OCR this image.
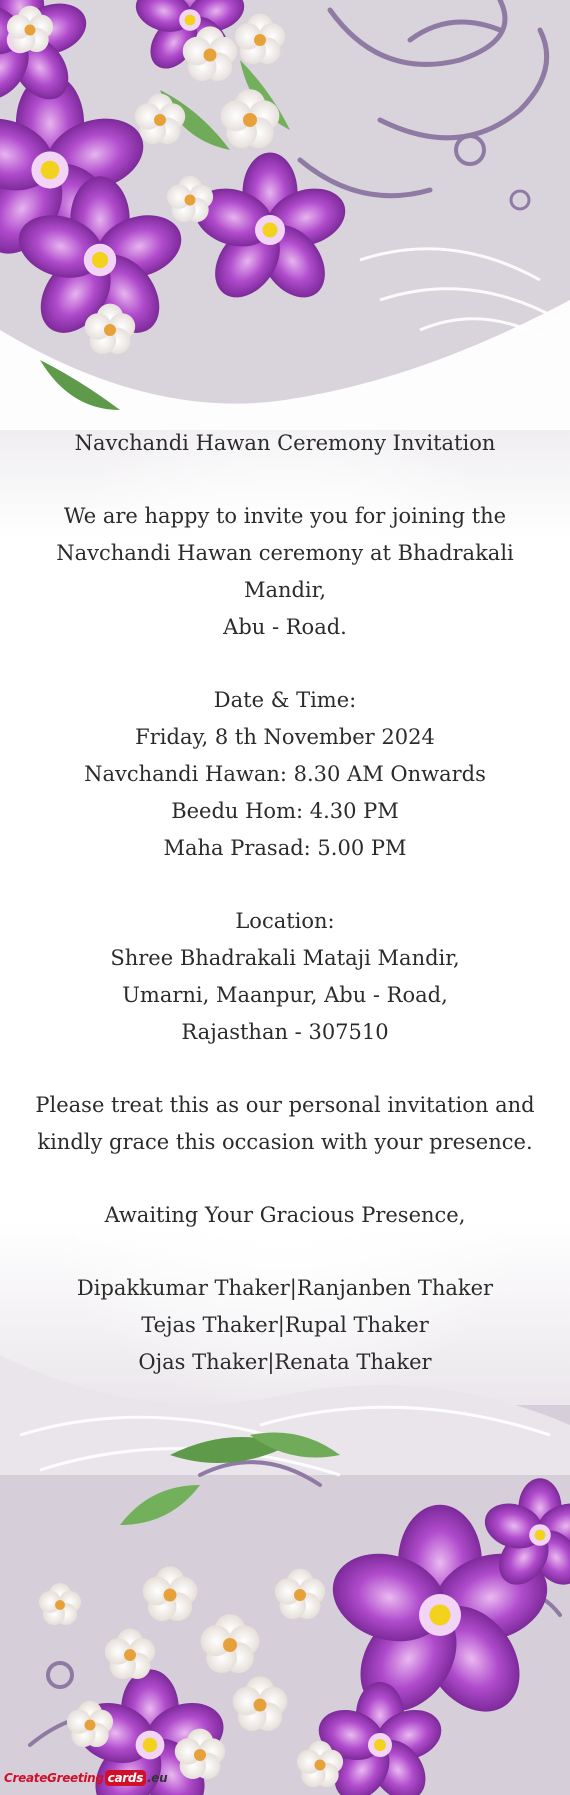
Navchandi Hawan Ceremony Invitation

We are happy to invite you for joining the

Navchandi Hawan ceremony at Bhadrakali Mandir,

Abu - Road.

Date & Time:

Friday, 8 th November 2024

Navchandi Hawan: 8.30 AM Onwards

Beedu Hom: 4.30 PM

Maha Prasad: 5.00 PM

Location:

Shree Bhadrakali Mataji Mandir,

Umarni, Maanpur, Abu - Road,

Rajasthan - 307510

Please treat this as our personal invitation and

kindly grace this occasion with your presence.

Awaiting Your Gracious Presence,

Dipakkumar Thaker|Ranjanben Thaker

Tejas Thaker|Rupal Thaker

Ojas Thaker|Renata Thaker

CreateGreeting cards .eu
